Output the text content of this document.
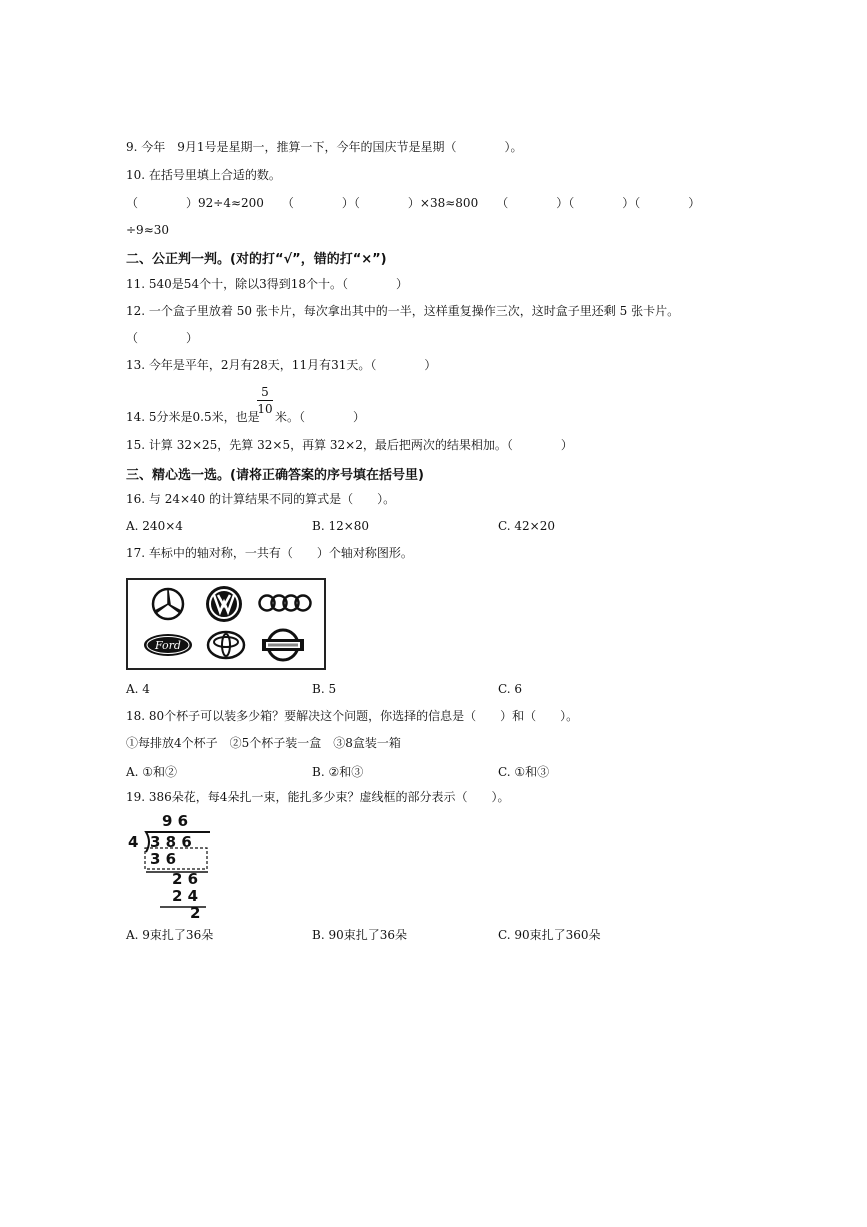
9. 今年　9月1号是星期一，推算一下，今年的国庆节是星期（　　　　）。
10. 在括号里填上合适的数。
（　　　　）92÷4≈200　　（　　　　）（　　　　）×38≈800　　（　　　　）（　　　　）（　　　　）
÷9≈30
二、公正判一判。(对的打“√”，错的打“×”)
11. 540是54个十，除以3得到18个十。（　　　　）
12. 一个盒子里放着 50 张卡片，每次拿出其中的一半，这样重复操作三次，这时盒子里还剩 5 张卡片。
（　　　　）
13. 今年是平年，2月有28天，11月有31天。（　　　　）
14. 5分米是0.5米，也是
5
10
米。（　　　　）
15. 计算 32×25，先算 32×5，再算 32×2，最后把两次的结果相加。（　　　　）
三、精心选一选。(请将正确答案的序号填在括号里)
16. 与 24×40 的计算结果不同的算式是（　　）。
A. 240×4	B. 12×80	C. 42×20
17. 车标中的轴对称，一共有（　　）个轴对称图形。
Ford
A. 4	B. 5	C. 6
18. 80个杯子可以装多少箱？要解决这个问题，你选择的信息是（　　）和（　　）。
①每排放4个杯子　②5个杯子装一盒　③8盒装一箱
A. ①和②	B. ②和③	C. ①和③
19. 386朵花，每4朵扎一束，能扎多少束？虚线框的部分表示（　　）。
9 6
4 3 8 6
3 6
2 6
2 4
2
A. 9束扎了36朵	B. 90束扎了36朵	C. 90束扎了360朵
